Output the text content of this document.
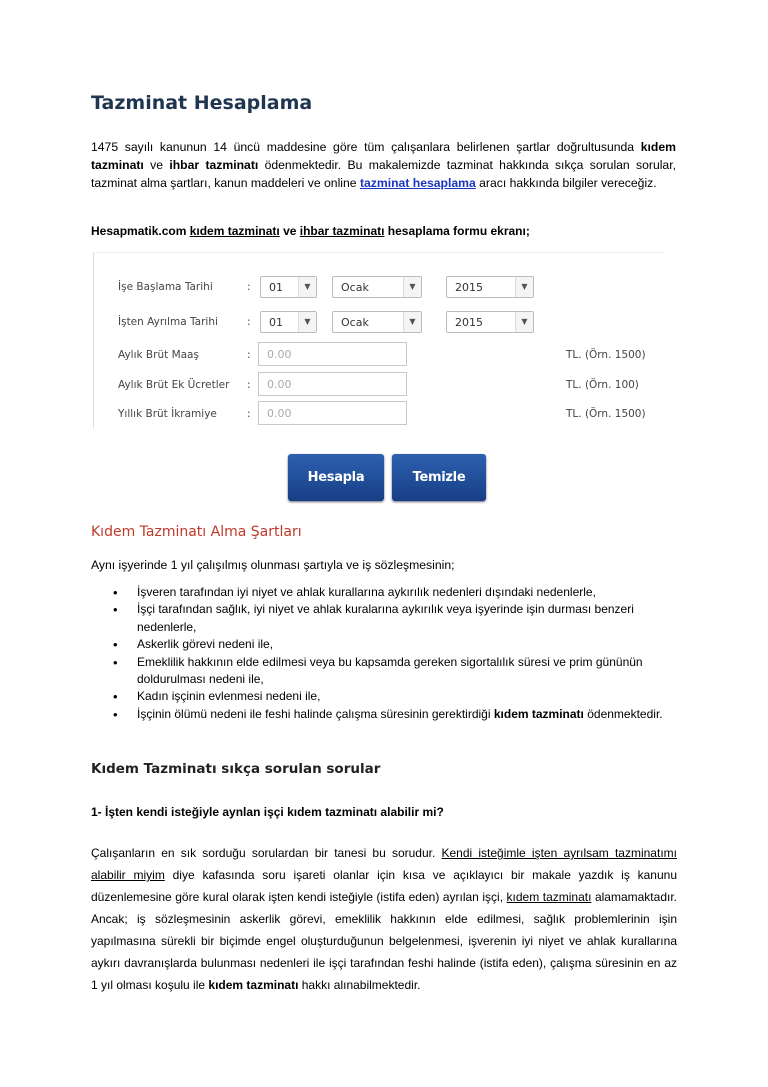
Tazminat Hesaplama
1475 sayılı kanunun 14 üncü maddesine göre tüm çalışanlara belirlenen şartlar doğrultusunda kıdem tazminatı ve ihbar tazminatı ödenmektedir. Bu makalemizde tazminat hakkında sıkça sorulan sorular, tazminat alma şartları, kanun maddeleri ve online tazminat hesaplama aracı hakkında bilgiler vereceğiz.
Hesapmatik.com kıdem tazminatı ve ihbar tazminatı hesaplama formu ekranı;
İşe Başlama Tarihi	: 01	▼	Ocak	▼	2015	▼
İşten Ayrılma Tarihi	: 01	▼	Ocak	▼	2015	▼
Aylık Brüt Maaş	: 0.00	TL. (Örn. 1500)
Aylık Brüt Ek Ücretler : 0.00	TL. (Örn. 100)
Yıllık Brüt İkramiye	: 0.00	TL. (Örn. 1500)
Hesapla	Temizle
Kıdem Tazminatı Alma Şartları
Aynı işyerinde 1 yıl çalışılmış olunması şartıyla ve iş sözleşmesinin;
• İşveren tarafından iyi niyet ve ahlak kurallarına aykırılık nedenleri dışındaki nedenlerle,
• İşçi tarafından sağlık, iyi niyet ve ahlak kuralarına aykırılık veya işyerinde işin durması benzeri nedenlerle,
• Askerlik görevi nedeni ile,
• Emeklilik hakkının elde edilmesi veya bu kapsamda gereken sigortalılık süresi ve prim gününün doldurulması nedeni ile,
• Kadın işçinin evlenmesi nedeni ile,
• İşçinin ölümü nedeni ile feshi halinde çalışma süresinin gerektirdiği kıdem tazminatı ödenmektedir.
Kıdem Tazminatı sıkça sorulan sorular
1- İşten kendi isteğiyle aynlan işçi kıdem tazminatı alabilir mi?
Çalışanların en sık sorduğu sorulardan bir tanesi bu sorudur. Kendi isteğimle işten ayrılsam tazminatımı alabilir miyim diye kafasında soru işareti olanlar için kısa ve açıklayıcı bir makale yazdık iş kanunu düzenlemesine göre kural olarak işten kendi isteğiyle (istifa eden) ayrılan işçi, kıdem tazminatı alamamaktadır. Ancak; iş sözleşmesinin askerlik görevi, emeklilik hakkının elde edilmesi, sağlık problemlerinin işin yapılmasına sürekli bir biçimde engel oluşturduğunun belgelenmesi, işverenin iyi niyet ve ahlak kurallarına aykırı davranışlarda bulunması nedenleri ile işçi tarafından feshi halinde (istifa eden), çalışma süresinin en az 1 yıl olması koşulu ile kıdem tazminatı hakkı alınabilmektedir.
